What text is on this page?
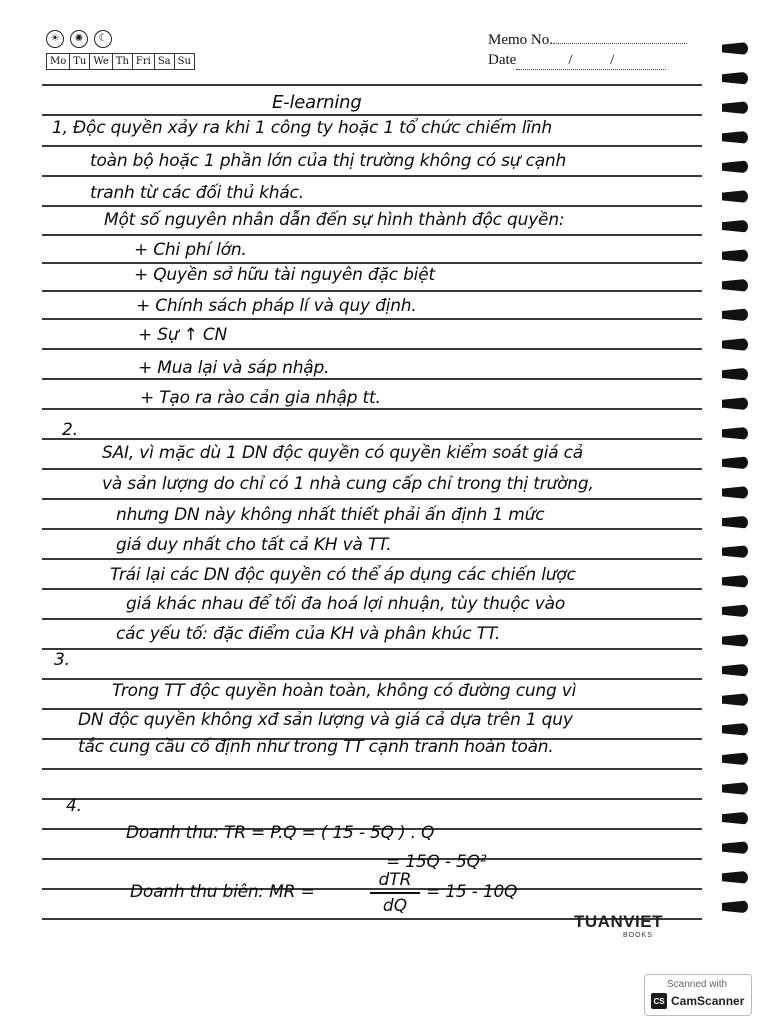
☀	✺	☾
Mo Tu We Th Fri Sa Su
Memo No.
Date	/          /
E-learning
1, Độc quyền xảy ra khi 1 công ty hoặc 1 tổ chức chiếm lĩnh
toàn bộ hoặc 1 phần lớn của thị trường không có sự cạnh
tranh từ các đối thủ khác.
Một số nguyên nhân dẫn đến sự hình thành độc quyền:
+ Chi phí lớn.
+ Quyền sở hữu tài nguyên đặc biệt
+ Chính sách pháp lí và quy định.
+ Sự ↑ CN
+ Mua lại và sáp nhập.
+ Tạo ra rào cản gia nhập tt.
2.
SAI, vì mặc dù 1 DN độc quyền có quyền kiểm soát giá cả
và sản lượng do chỉ có 1 nhà cung cấp chỉ trong thị trường,
nhưng DN này không nhất thiết phải ấn định 1 mức
giá duy nhất cho tất cả KH và TT.
Trái lại các DN độc quyền có thể áp dụng các chiến lược
giá khác nhau để tối đa hoá lợi nhuận, tùy thuộc vào
các yếu tố: đặc điểm của KH và phân khúc TT.
3.
Trong TT độc quyền hoàn toàn, không có đường cung vì
DN độc quyền không xđ sản lượng và giá cả dựa trên 1 quy
tắc cung cầu cố định như trong TT cạnh tranh hoàn toàn.
4.
Doanh thu: TR = P.Q = ( 15 - 5Q ) . Q
= 15Q - 5Q²
Doanh thu biên: MR =
dTR
dQ
= 15 - 10Q
TUANVIET
BOOKS
Scanned with
CS CamScanner
